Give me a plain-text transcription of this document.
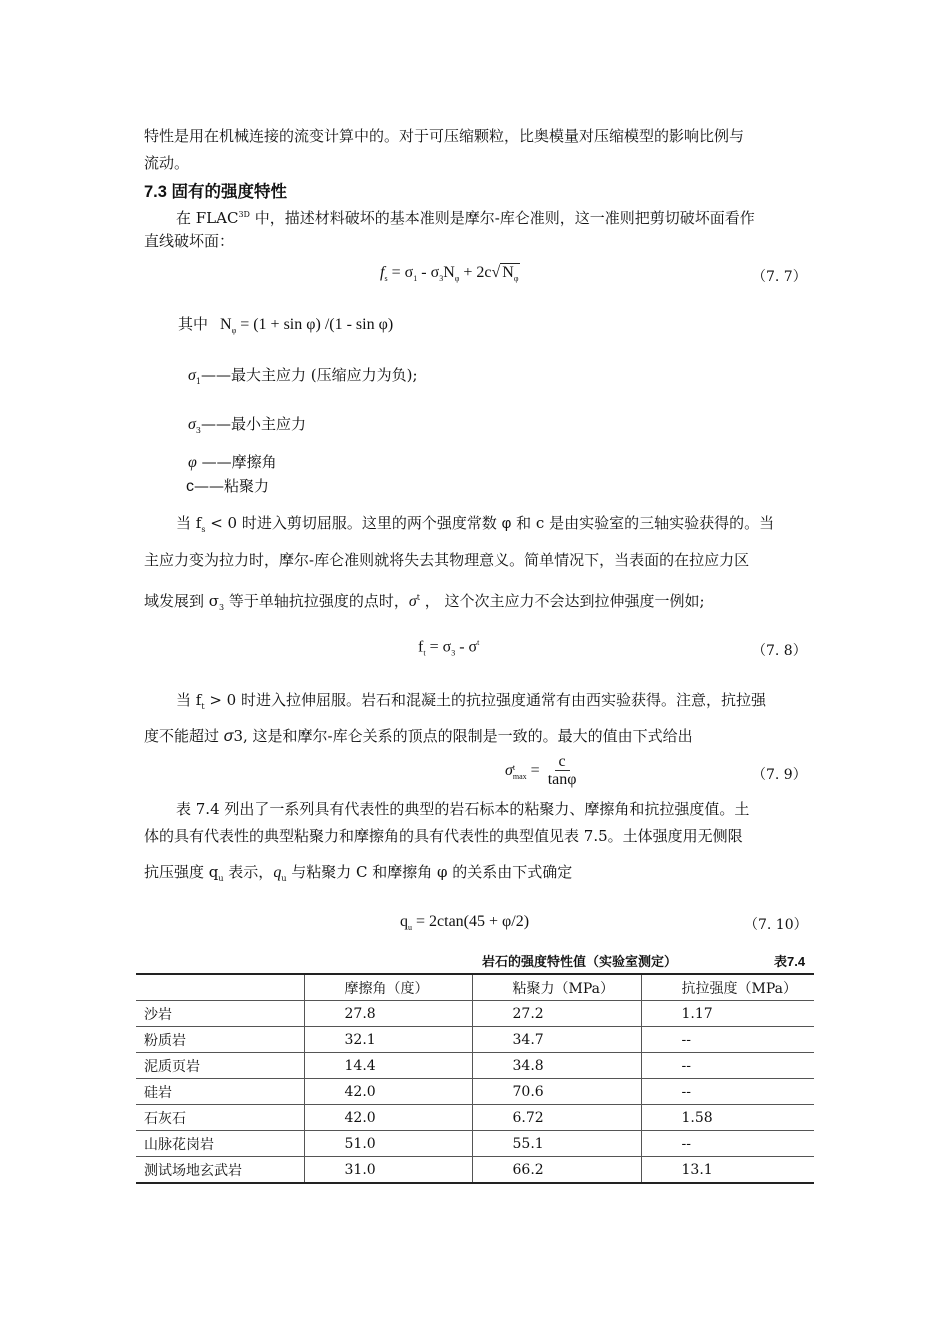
特性是用在机械连接的流变计算中的。对于可压缩颗粒，比奥模量对压缩模型的影响比例与
流动。
7.3 固有的强度特性
在 $FLAC^{3D}$ 中，描述材料破坏的基本准则是摩尔-库仑准则，这一准则把剪切破坏面看作
直线破坏面：
$f_s = \sigma_1 - \sigma_3N_\varphi + 2c√$ $N_\varphi$	（7. 7）
其中 $N_\varphi = (1 + \sin \varphi)$ /(1 - sin φ)
$\sigma_1——$最大主应力 (压缩应力为负);
$\sigma_3——$最小主应力
φ ——摩擦角
c——粘聚力
当 $f_s < 0$ 时进入剪切屈服。这里的两个强度常数 φ 和 c 是由实验室的三轴实验获得的。当
主应力变为拉力时，摩尔-库仑准则就将失去其物理意义。简单情况下，当表面的在拉应力区
域发展到 $\sigma_3$ 等于单轴抗拉强度的点时，$\sigma^t$ ， 这个次主应力不会达到拉伸强度一例如;
$f_t = \sigma_3 - \sigma^t$
（7. 8）
当 $f_t > 0$ 时进入拉伸屈服。岩石和混凝土的抗拉强度通常有由西实验获得。注意，抗拉强
度不能超过 σ3, 这是和摩尔-库仑关系的顶点的限制是一致的。最大的值由下式给出
σ t
$\max = \frac{c}{\tan\varphi}$	（7. 9）
表 7.4 列出了一系列具有代表性的典型的岩石标本的粘聚力、摩擦角和抗拉强度值。土
体的具有代表性的典型粘聚力和摩擦角的具有代表性的典型值见表 7.5。土体强度用无侧限
抗压强度 $q_u$ 表示，$q_u$ 与粘聚力 C 和摩擦角 φ 的关系由下式确定
$q_u = 2ctan(45 + \varphi/2)$	（7. 10）
岩石的强度特性值（实验室测定）	表7.4
	摩擦角（度）	粘聚力（MPa）	抗拉强度（MPa）
沙岩	27.8	27.2	1.17
粉质岩	32.1	34.7	--
泥质页岩	14.4	34.8	--
硅岩	42.0	70.6	--
石灰石	42.0	6.72	1.58
山脉花岗岩	51.0	55.1	--
测试场地玄武岩	31.0	66.2	13.1
